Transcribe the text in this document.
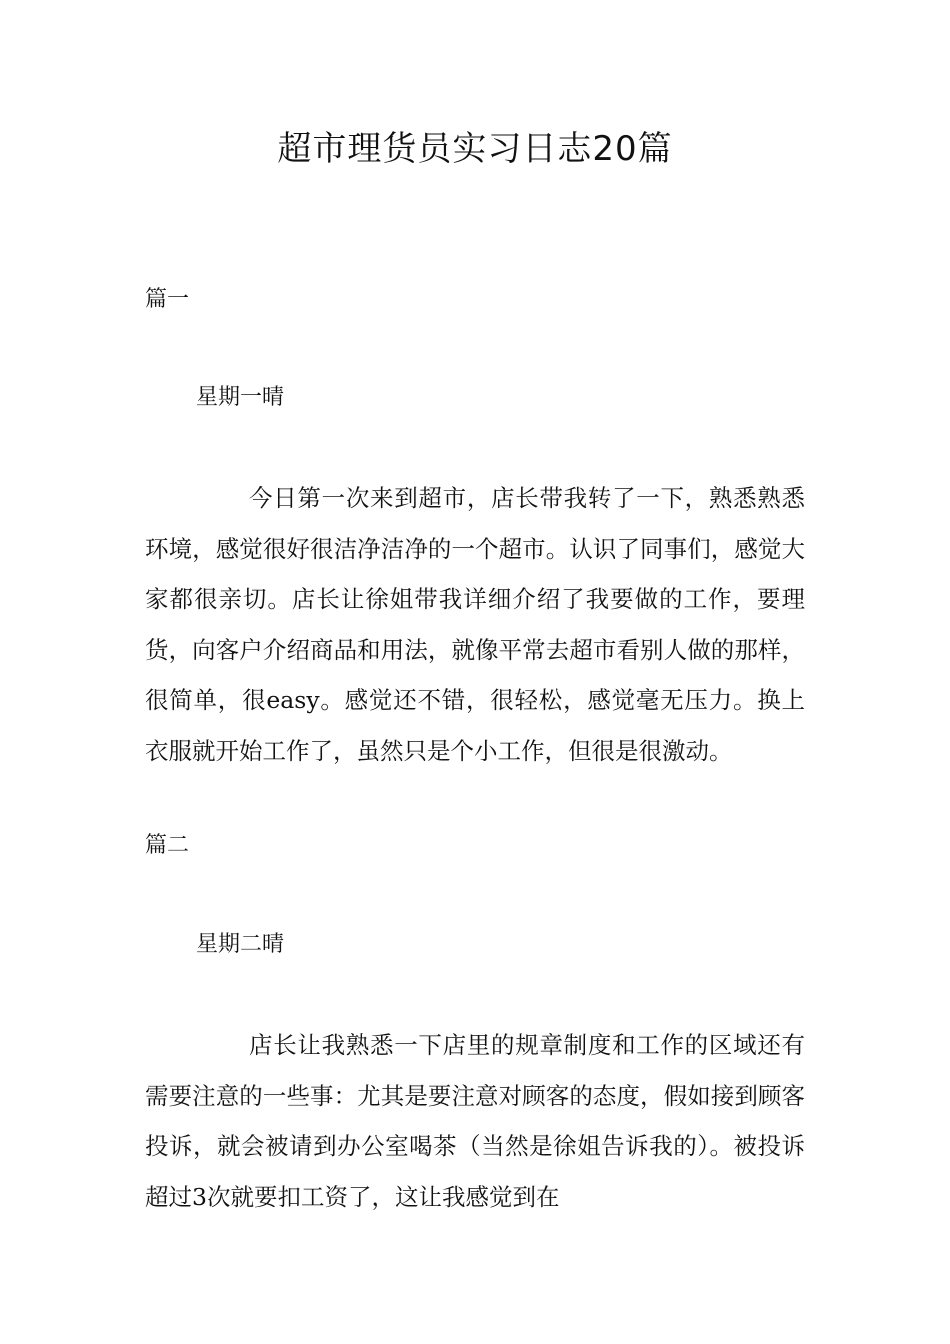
超市理货员实习日志20篇
篇一
星期一晴

今日第一次来到超市，店长带我转了一下，熟悉熟悉环境，感觉很好很洁净洁净的一个超市。认识了同事们，感觉大家都很亲切。店长让徐姐带我详细介绍了我要做的工作，要理货，向客户介绍商品和用法，就像平常去超市看别人做的那样，很简单，很easy。感觉还不错，很轻松，感觉毫无压力。换上衣服就开始工作了，虽然只是个小工作，但很是很激动。

篇二
星期二晴

店长让我熟悉一下店里的规章制度和工作的区域还有需要注意的一些事：尤其是要注意对顾客的态度，假如接到顾客投诉，就会被请到办公室喝茶（当然是徐姐告诉我的）。被投诉超过3次就要扣工资了，这让我感觉到在
